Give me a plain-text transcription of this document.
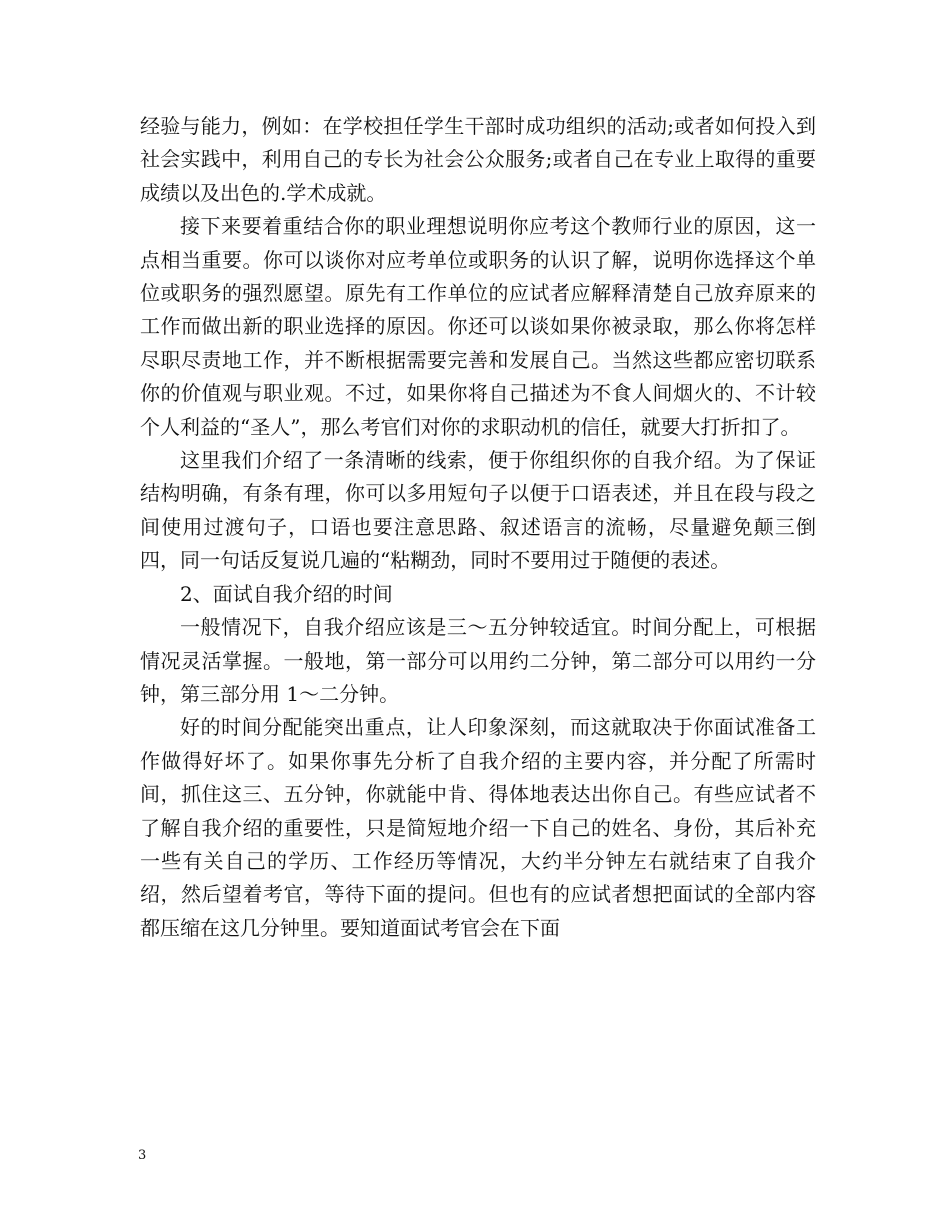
经验与能力，例如：在学校担任学生干部时成功组织的活动;或者如何投入到社会实践中，利用自己的专长为社会公众服务;或者自己在专业上取得的重要成绩以及出色的.学术成就。

接下来要着重结合你的职业理想说明你应考这个教师行业的原因，这一点相当重要。你可以谈你对应考单位或职务的认识了解，说明你选择这个单位或职务的强烈愿望。原先有工作单位的应试者应解释清楚自己放弃原来的工作而做出新的职业选择的原因。你还可以谈如果你被录取，那么你将怎样尽职尽责地工作，并不断根据需要完善和发展自己。当然这些都应密切联系你的价值观与职业观。不过，如果你将自己描述为不食人间烟火的、不计较个人利益的“圣人”，那么考官们对你的求职动机的信任，就要大打折扣了。

这里我们介绍了一条清晰的线索，便于你组织你的自我介绍。为了保证结构明确，有条有理，你可以多用短句子以便于口语表述，并且在段与段之间使用过渡句子，口语也要注意思路、叙述语言的流畅，尽量避免颠三倒四，同一句话反复说几遍的“粘糊劲，同时不要用过于随便的表述。

2、面试自我介绍的时间

一般情况下，自我介绍应该是三～五分钟较适宜。时间分配上，可根据情况灵活掌握。一般地，第一部分可以用约二分钟，第二部分可以用约一分钟，第三部分用 1～二分钟。

好的时间分配能突出重点，让人印象深刻，而这就取决于你面试准备工作做得好坏了。如果你事先分析了自我介绍的主要内容，并分配了所需时间，抓住这三、五分钟，你就能中肯、得体地表达出你自己。有些应试者不了解自我介绍的重要性，只是简短地介绍一下自己的姓名、身份，其后补充一些有关自己的学历、工作经历等情况，大约半分钟左右就结束了自我介绍，然后望着考官，等待下面的提问。但也有的应试者想把面试的全部内容都压缩在这几分钟里。要知道面试考官会在下面

3
